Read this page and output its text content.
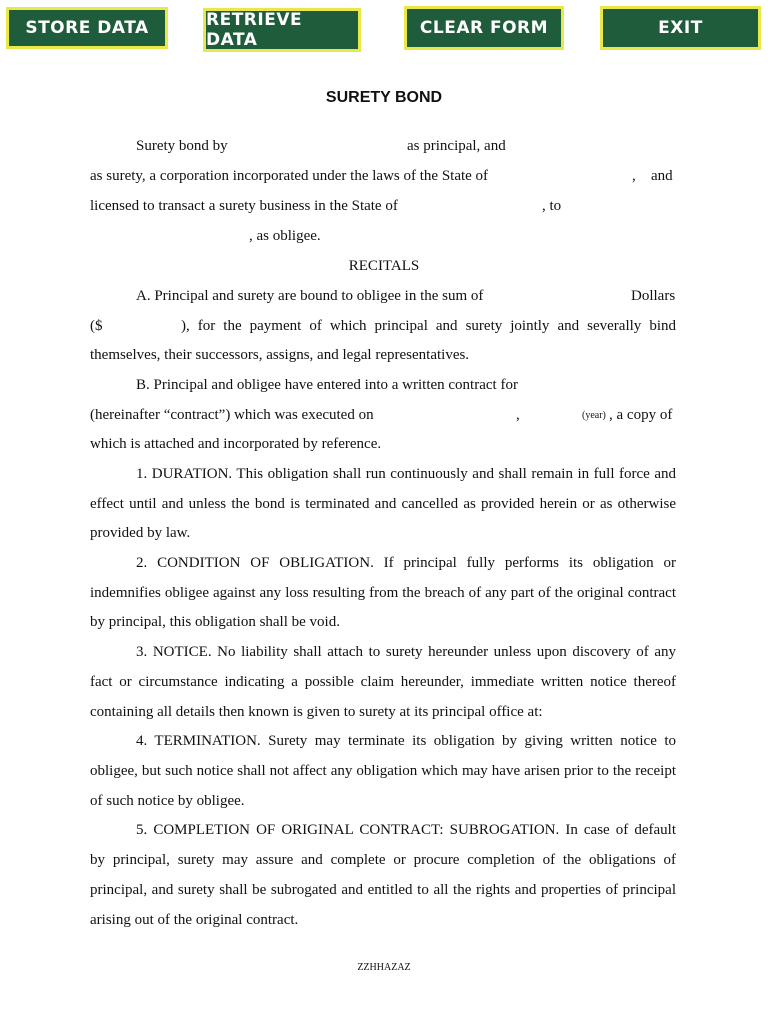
STORE DATA	RETRIEVE DATA
CLEAR FORM	EXIT
SURETY BOND
Surety bond by	as principal, and
as surety, a corporation incorporated under the laws of the State of	, and
licensed to transact a surety business in the State of	, to
, as obligee.
RECITALS
A. Principal and surety are bound to obligee in the sum of	Dollars
($	), for the payment of which principal and surety jointly and severally bind
themselves, their successors, assigns, and legal representatives.
B. Principal and obligee have entered into a written contract for
(hereinafter “contract”) which was executed on	,	(year) , a copy of
which is attached and incorporated by reference.
1. DURATION. This obligation shall run continuously and shall remain in full force and
effect until and unless the bond is terminated and cancelled as provided herein or as otherwise
provided by law.
2. CONDITION OF OBLIGATION. If principal fully performs its obligation or
indemnifies obligee against any loss resulting from the breach of any part of the original contract
by principal, this obligation shall be void.
3. NOTICE. No liability shall attach to surety hereunder unless upon discovery of any
fact or circumstance indicating a possible claim hereunder, immediate written notice thereof
containing all details then known is given to surety at its principal office at:
4. TERMINATION. Surety may terminate its obligation by giving written notice to
obligee, but such notice shall not affect any obligation which may have arisen prior to the receipt
of such notice by obligee.
5. COMPLETION OF ORIGINAL CONTRACT: SUBROGATION. In case of default
by principal, surety may assure and complete or procure completion of the obligations of
principal, and surety shall be subrogated and entitled to all the rights and properties of principal
arising out of the original contract.
ZZHHAZAZ
